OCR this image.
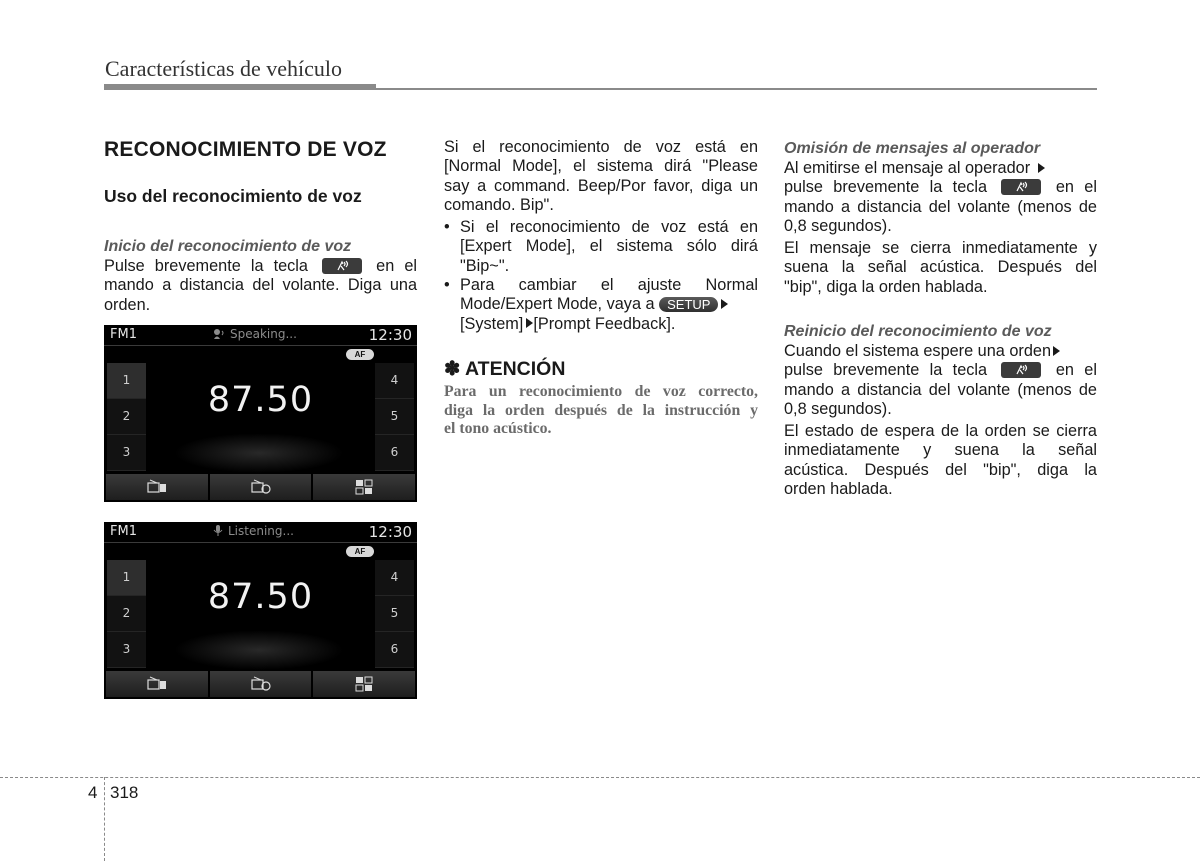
Características de vehículo
RECONOCIMIENTO DE VOZ
Uso del reconocimiento de voz
Inicio del reconocimiento de voz
Pulse brevemente la tecla	en el
mando a distancia del volante. Diga una orden.
FM1	Speaking...	12:30
AF
1
2
3
4
5
6
87.50
FM1	Listening...	12:30
AF
1
2
3
4
5
6
87.50
Si el reconocimiento de voz está en
[Normal Mode], el sistema dirá "Please
say a command. Beep/Por favor, diga un
comando. Bip".
• Si el reconocimiento de voz está en
[Expert Mode], el sistema sólo dirá
"Bip~".
• Para cambiar el ajuste Normal
Mode/Expert Mode, vaya a SETUP
[System] [Prompt Feedback].
✽ ATENCIÓN
Para un reconocimiento de voz correcto,
diga la orden después de la instrucción y
el tono acústico.
Omisión de mensajes al operador
Al emitirse el mensaje al operador
pulse brevemente la tecla	en el
mando a distancia del volante (menos de
0,8 segundos).
El mensaje se cierra inmediatamente y
suena la señal acústica. Después del
"bip", diga la orden hablada.
Reinicio del reconocimiento de voz
Cuando el sistema espere una orden
pulse brevemente la tecla	en el
mando a distancia del volante (menos de
0,8 segundos).
El estado de espera de la orden se cierra
inmediatamente y suena la señal
acústica. Después del "bip", diga la
orden hablada.
4 318
